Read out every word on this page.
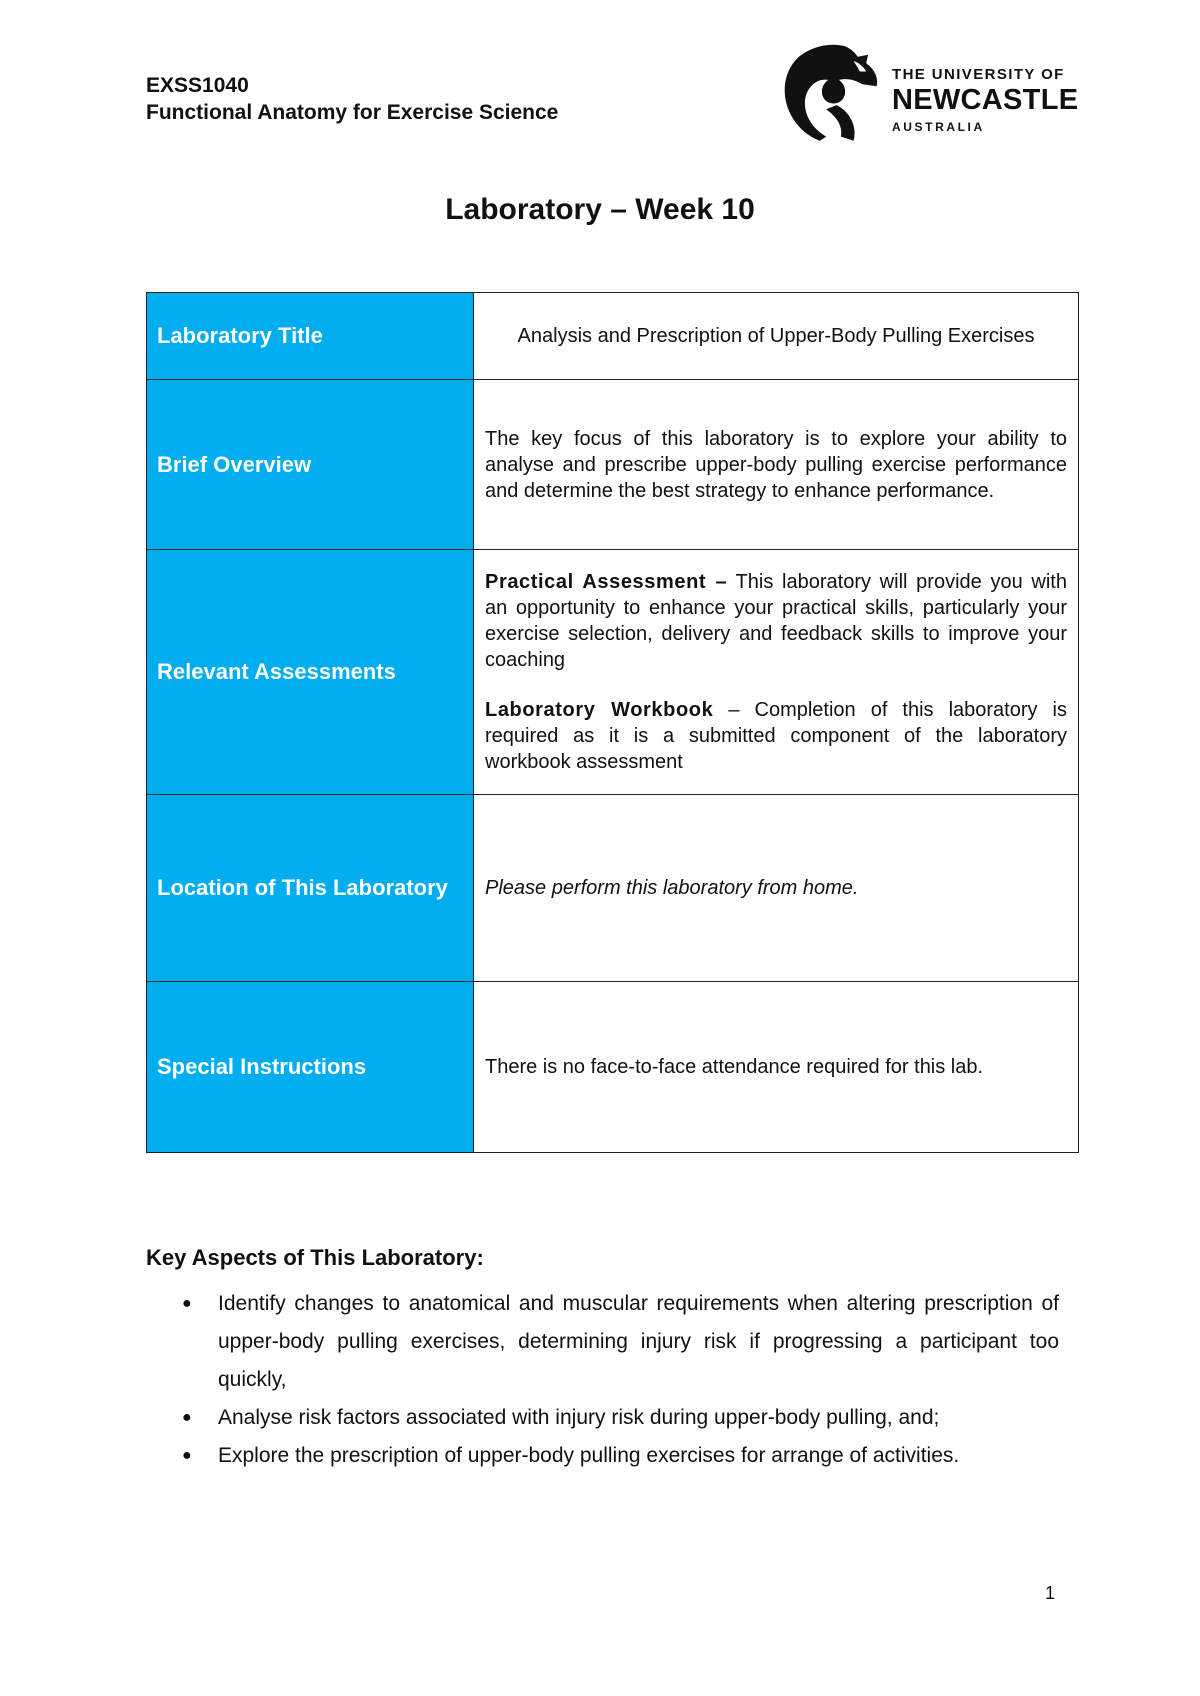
EXSS1040
Functional Anatomy for Exercise Science
THE UNIVERSITY OF
NEWCASTLE
AUSTRALIA
Laboratory – Week 10
Laboratory Title	Analysis and Prescription of Upper-Body Pulling Exercises
Brief Overview	The key focus of this laboratory is to explore your ability to analyse and prescribe upper-body pulling exercise performance and determine the best strategy to enhance performance.
Relevant Assessments	Practical Assessment – This laboratory will provide you with an opportunity to enhance your practical skills, particularly your exercise selection, delivery and feedback skills to improve your coaching

Laboratory Workbook – Completion of this laboratory is required as it is a submitted component of the laboratory workbook assessment

Location of This Laboratory	Please perform this laboratory from home.
Special Instructions	There is no face-to-face attendance required for this lab.
Key Aspects of This Laboratory:
● Identify changes to anatomical and muscular requirements when altering prescription of upper-body pulling exercises, determining injury risk if progressing a participant too quickly,
● Analyse risk factors associated with injury risk during upper-body pulling, and;
● Explore the prescription of upper-body pulling exercises for arrange of activities.
1
